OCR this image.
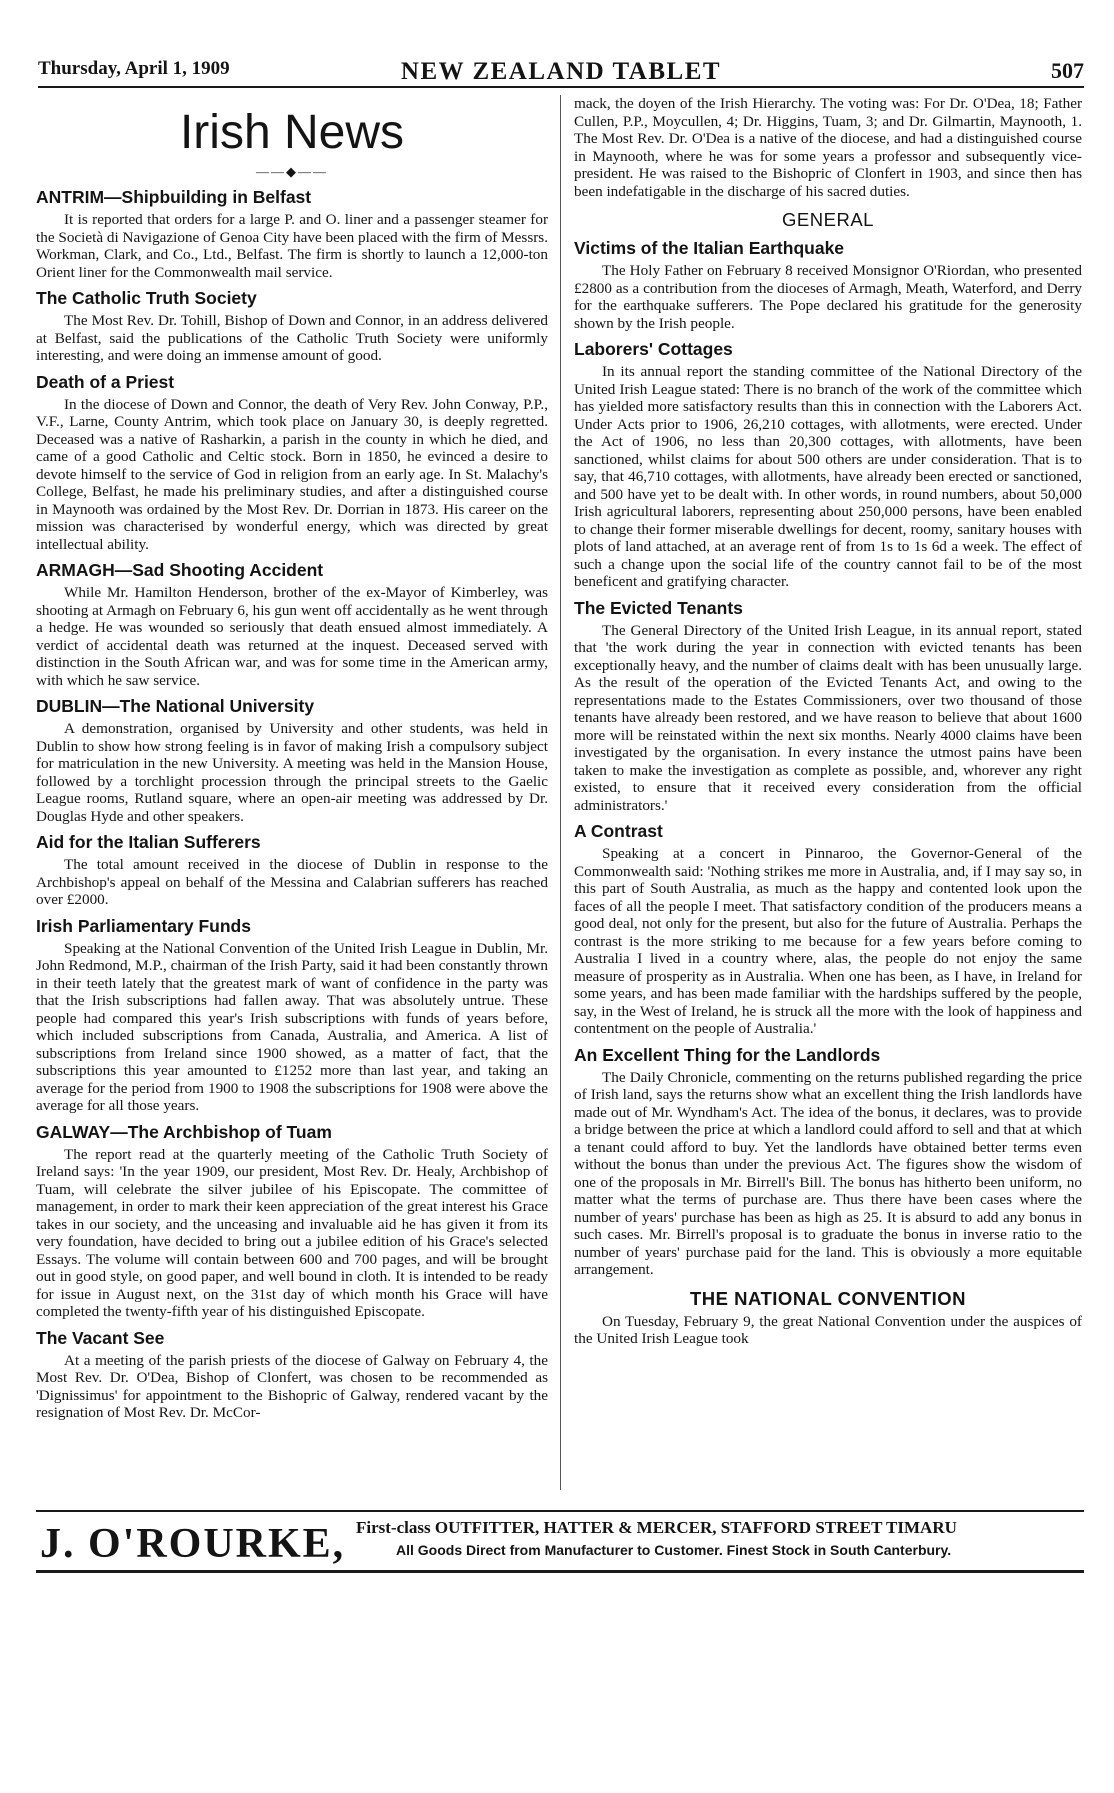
Thursday, April 1, 1909	NEW ZEALAND TABLET	507
Irish News
——◆——
ANTRIM—Shipbuilding in Belfast

It is reported that orders for a large P. and O. liner and a passenger steamer for the Società di Navigazione of Genoa City have been placed with the firm of Messrs. Workman, Clark, and Co., Ltd., Belfast. The firm is shortly to launch a 12,000-ton Orient liner for the Commonwealth mail service.

The Catholic Truth Society

The Most Rev. Dr. Tohill, Bishop of Down and Connor, in an address delivered at Belfast, said the publications of the Catholic Truth Society were uniformly interesting, and were doing an immense amount of good.

Death of a Priest

In the diocese of Down and Connor, the death of Very Rev. John Conway, P.P., V.F., Larne, County Antrim, which took place on January 30, is deeply regretted. Deceased was a native of Rasharkin, a parish in the county in which he died, and came of a good Catholic and Celtic stock. Born in 1850, he evinced a desire to devote himself to the service of God in religion from an early age. In St. Malachy's College, Belfast, he made his preliminary studies, and after a distinguished course in Maynooth was ordained by the Most Rev. Dr. Dorrian in 1873. His career on the mission was characterised by wonderful energy, which was directed by great intellectual ability.

ARMAGH—Sad Shooting Accident

While Mr. Hamilton Henderson, brother of the ex-Mayor of Kimberley, was shooting at Armagh on February 6, his gun went off accidentally as he went through a hedge. He was wounded so seriously that death ensued almost immediately. A verdict of accidental death was returned at the inquest. Deceased served with distinction in the South African war, and was for some time in the American army, with which he saw service.

DUBLIN—The National University

A demonstration, organised by University and other students, was held in Dublin to show how strong feeling is in favor of making Irish a compulsory subject for matriculation in the new University. A meeting was held in the Mansion House, followed by a torchlight procession through the principal streets to the Gaelic League rooms, Rutland square, where an open-air meeting was addressed by Dr. Douglas Hyde and other speakers.

Aid for the Italian Sufferers

The total amount received in the diocese of Dublin in response to the Archbishop's appeal on behalf of the Messina and Calabrian sufferers has reached over £2000.

Irish Parliamentary Funds

Speaking at the National Convention of the United Irish League in Dublin, Mr. John Redmond, M.P., chairman of the Irish Party, said it had been constantly thrown in their teeth lately that the greatest mark of want of confidence in the party was that the Irish subscriptions had fallen away. That was absolutely untrue. These people had compared this year's Irish subscriptions with funds of years before, which included subscriptions from Canada, Australia, and America. A list of subscriptions from Ireland since 1900 showed, as a matter of fact, that the subscriptions this year amounted to £1252 more than last year, and taking an average for the period from 1900 to 1908 the subscriptions for 1908 were above the average for all those years.

GALWAY—The Archbishop of Tuam

The report read at the quarterly meeting of the Catholic Truth Society of Ireland says: 'In the year 1909, our president, Most Rev. Dr. Healy, Archbishop of Tuam, will celebrate the silver jubilee of his Episcopate. The committee of management, in order to mark their keen appreciation of the great interest his Grace takes in our society, and the unceasing and invaluable aid he has given it from its very foundation, have decided to bring out a jubilee edition of his Grace's selected Essays. The volume will contain between 600 and 700 pages, and will be brought out in good style, on good paper, and well bound in cloth. It is intended to be ready for issue in August next, on the 31st day of which month his Grace will have completed the twenty-fifth year of his distinguished Episcopate.

The Vacant See

At a meeting of the parish priests of the diocese of Galway on February 4, the Most Rev. Dr. O'Dea, Bishop of Clonfert, was chosen to be recommended as 'Dignissimus' for appointment to the Bishopric of Galway, rendered vacant by the resignation of Most Rev. Dr. McCor-

mack, the doyen of the Irish Hierarchy. The voting was: For Dr. O'Dea, 18; Father Cullen, P.P., Moycullen, 4; Dr. Higgins, Tuam, 3; and Dr. Gilmartin, Maynooth, 1. The Most Rev. Dr. O'Dea is a native of the diocese, and had a distinguished course in Maynooth, where he was for some years a professor and subsequently vice-president. He was raised to the Bishopric of Clonfert in 1903, and since then has been indefatigable in the discharge of his sacred duties.

GENERAL
Victims of the Italian Earthquake

The Holy Father on February 8 received Monsignor O'Riordan, who presented £2800 as a contribution from the dioceses of Armagh, Meath, Waterford, and Derry for the earthquake sufferers. The Pope declared his gratitude for the generosity shown by the Irish people.

Laborers' Cottages

In its annual report the standing committee of the National Directory of the United Irish League stated: There is no branch of the work of the committee which has yielded more satisfactory results than this in connection with the Laborers Act. Under Acts prior to 1906, 26,210 cottages, with allotments, were erected. Under the Act of 1906, no less than 20,300 cottages, with allotments, have been sanctioned, whilst claims for about 500 others are under consideration. That is to say, that 46,710 cottages, with allotments, have already been erected or sanctioned, and 500 have yet to be dealt with. In other words, in round numbers, about 50,000 Irish agricultural laborers, representing about 250,000 persons, have been enabled to change their former miserable dwellings for decent, roomy, sanitary houses with plots of land attached, at an average rent of from 1s to 1s 6d a week. The effect of such a change upon the social life of the country cannot fail to be of the most beneficent and gratifying character.

The Evicted Tenants

The General Directory of the United Irish League, in its annual report, stated that 'the work during the year in connection with evicted tenants has been exceptionally heavy, and the number of claims dealt with has been unusually large. As the result of the operation of the Evicted Tenants Act, and owing to the representations made to the Estates Commissioners, over two thousand of those tenants have already been restored, and we have reason to believe that about 1600 more will be reinstated within the next six months. Nearly 4000 claims have been investigated by the organisation. In every instance the utmost pains have been taken to make the investigation as complete as possible, and, whorever any right existed, to ensure that it received every consideration from the official administrators.'

A Contrast

Speaking at a concert in Pinnaroo, the Governor-General of the Commonwealth said: 'Nothing strikes me more in Australia, and, if I may say so, in this part of South Australia, as much as the happy and contented look upon the faces of all the people I meet. That satisfactory condition of the producers means a good deal, not only for the present, but also for the future of Australia. Perhaps the contrast is the more striking to me because for a few years before coming to Australia I lived in a country where, alas, the people do not enjoy the same measure of prosperity as in Australia. When one has been, as I have, in Ireland for some years, and has been made familiar with the hardships suffered by the people, say, in the West of Ireland, he is struck all the more with the look of happiness and contentment on the people of Australia.'

An Excellent Thing for the Landlords

The Daily Chronicle, commenting on the returns published regarding the price of Irish land, says the returns show what an excellent thing the Irish landlords have made out of Mr. Wyndham's Act. The idea of the bonus, it declares, was to provide a bridge between the price at which a landlord could afford to sell and that at which a tenant could afford to buy. Yet the landlords have obtained better terms even without the bonus than under the previous Act. The figures show the wisdom of one of the proposals in Mr. Birrell's Bill. The bonus has hitherto been uniform, no matter what the terms of purchase are. Thus there have been cases where the number of years' purchase has been as high as 25. It is absurd to add any bonus in such cases. Mr. Birrell's proposal is to graduate the bonus in inverse ratio to the number of years' purchase paid for the land. This is obviously a more equitable arrangement.

THE NATIONAL CONVENTION

On Tuesday, February 9, the great National Convention under the auspices of the United Irish League took

J. O'ROURKE, First-class OUTFITTER, HATTER & MERCER, STAFFORD STREET TIMARU
All Goods Direct from Manufacturer to Customer. Finest Stock in South Canterbury.
